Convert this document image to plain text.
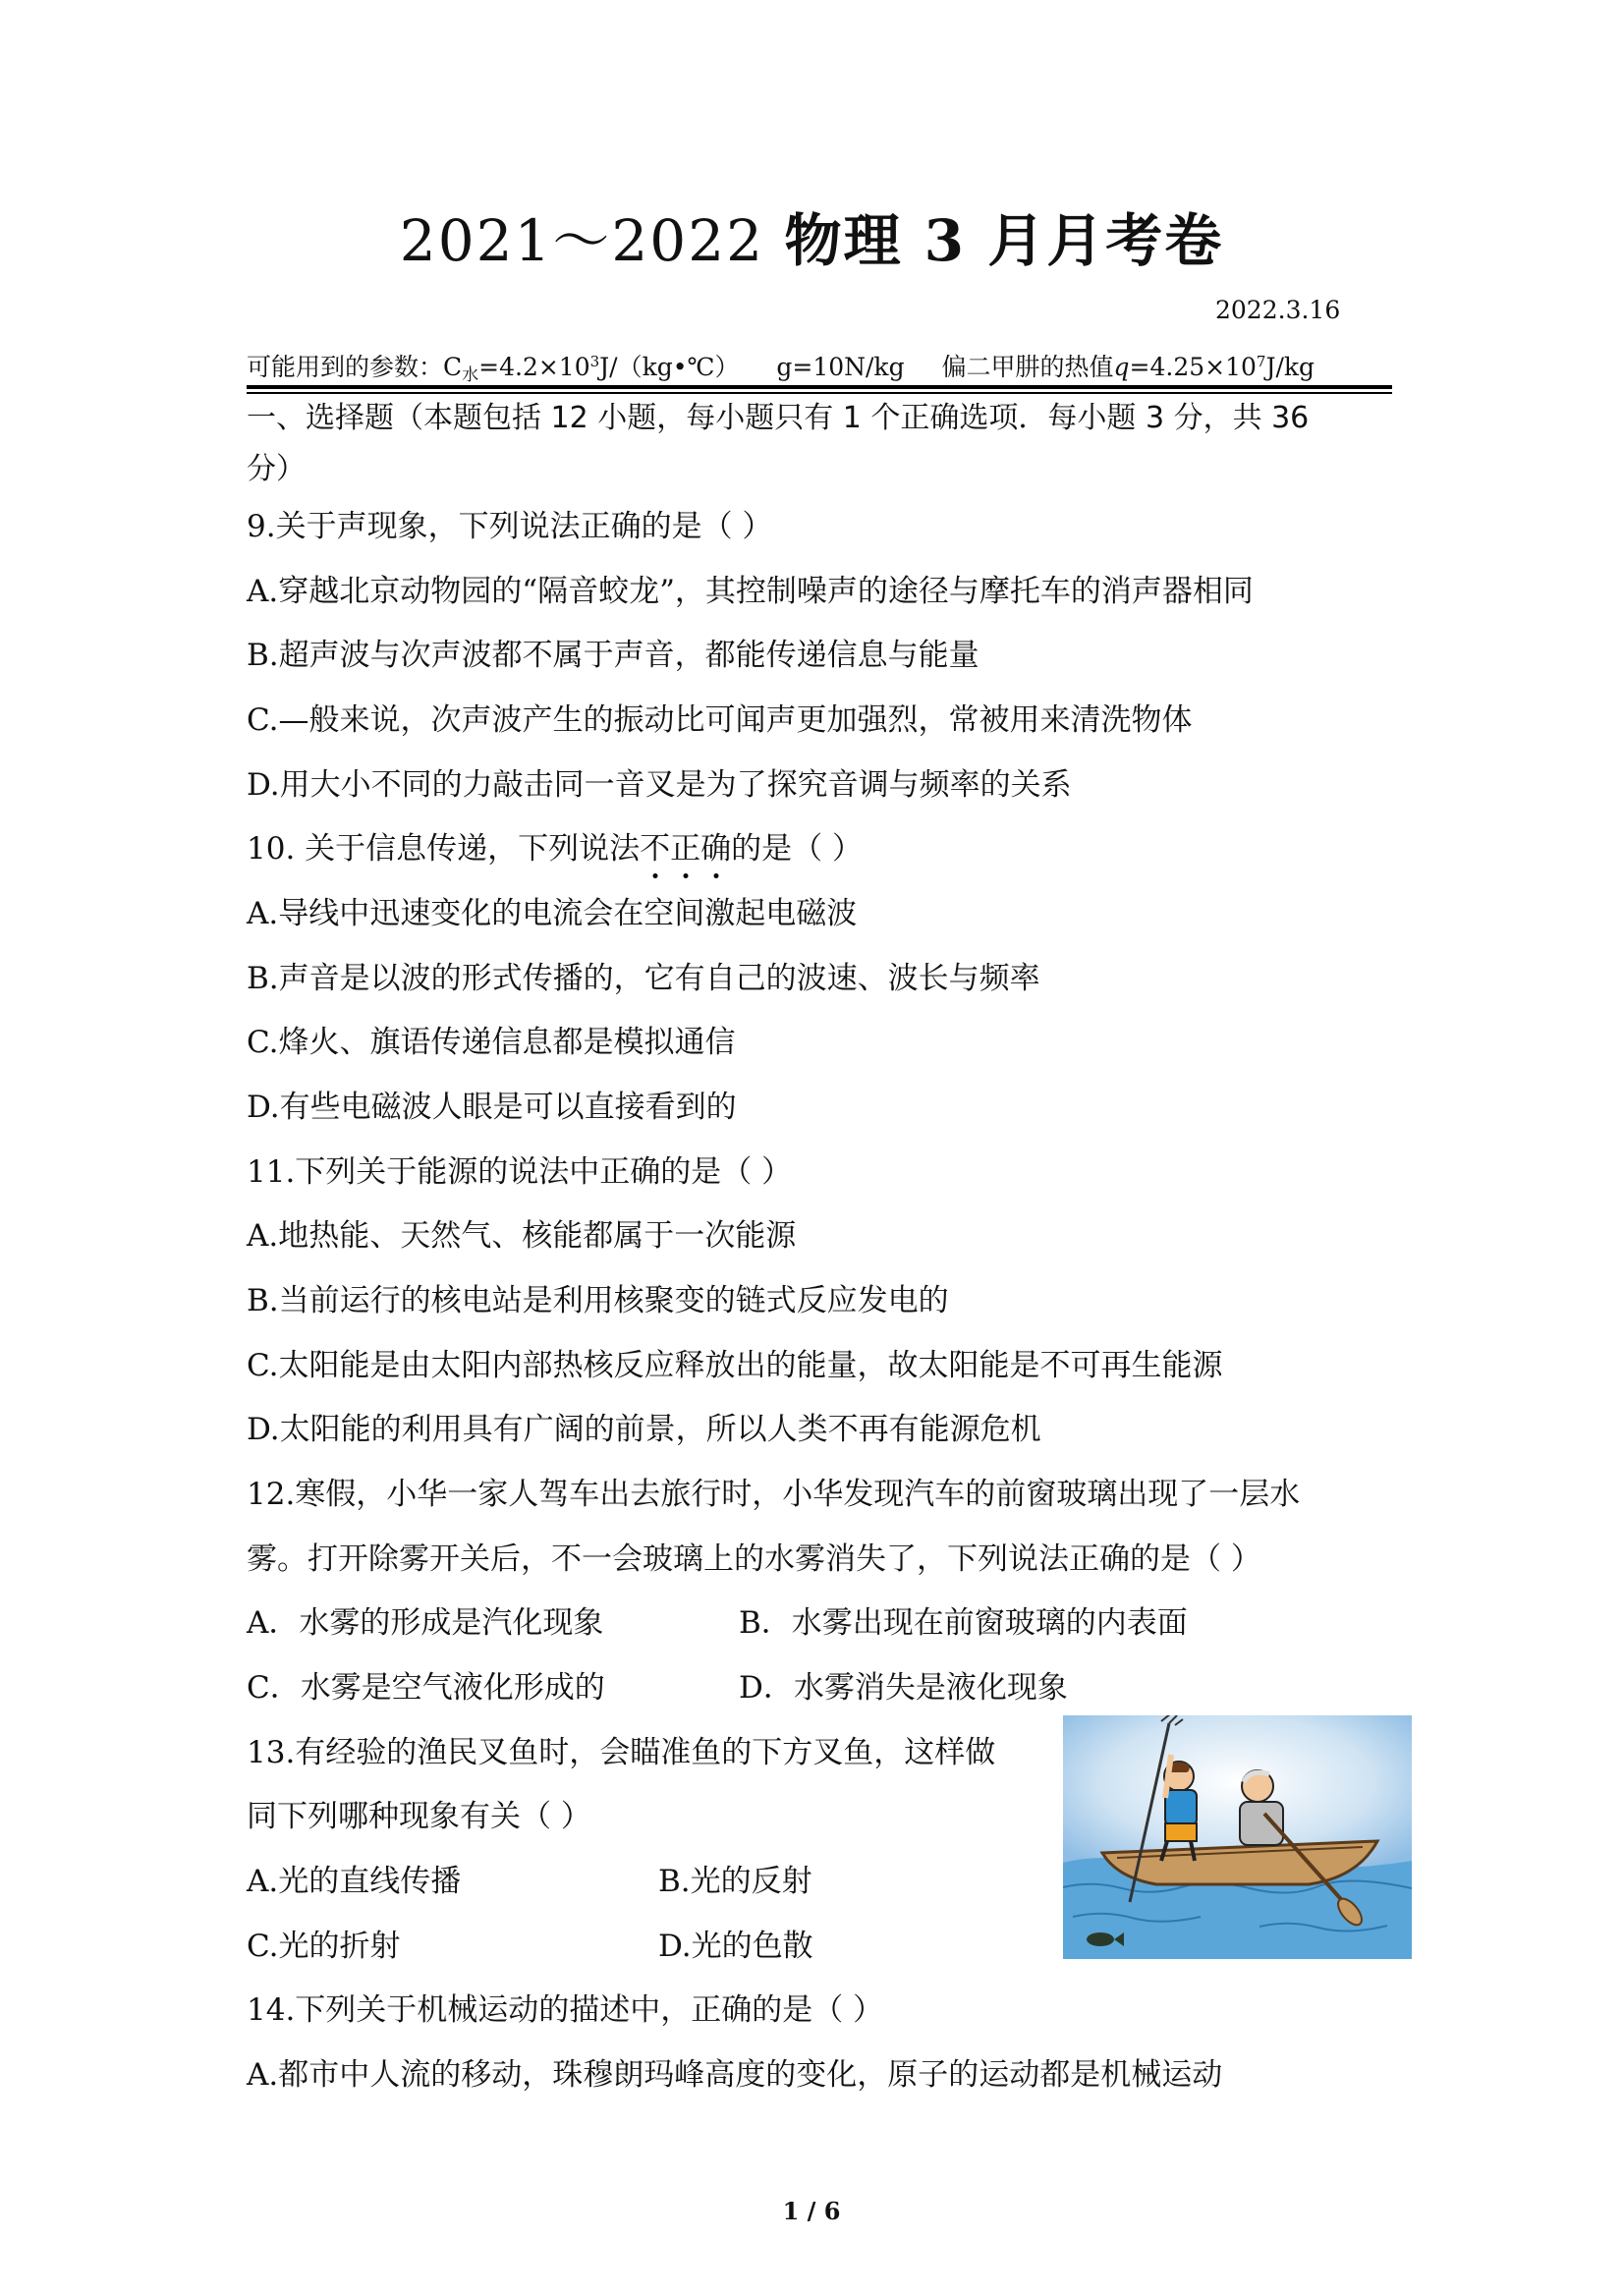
2021～2022 物理 3 月月考卷
2022.3.16
可能用到的参数：$C_水=4.2\times 10^3J/(kg•℃)$ g=10N/kg 偏二甲肼的热值$q=4.25\times 10^7J/kg$
一、选择题（本题包括 12 小题，每小题只有 1 个正确选项．每小题 3 分，共 36
分）
9.关于声现象，下列说法正确的是（ ）
A.穿越北京动物园的“隔音蛟龙”，其控制噪声的途径与摩托车的消声器相同
B.超声波与次声波都不属于声音，都能传递信息与能量
C.—般来说，次声波产生的振动比可闻声更加强烈，常被用来清洗物体
D.用大小不同的力敲击同一音叉是为了探究音调与频率的关系
10. 关于信息传递，下列说法不正确的是（ ）
A.导线中迅速变化的电流会在空间激起电磁波
B.声音是以波的形式传播的，它有自己的波速、波长与频率
C.烽火、旗语传递信息都是模拟通信
D.有些电磁波人眼是可以直接看到的
11.下列关于能源的说法中正确的是（ ）
A.地热能、天然气、核能都属于一次能源
B.当前运行的核电站是利用核聚变的链式反应发电的
C.太阳能是由太阳内部热核反应释放出的能量，故太阳能是不可再生能源
D.太阳能的利用具有广阔的前景，所以人类不再有能源危机
12.寒假，小华一家人驾车出去旅行时，小华发现汽车的前窗玻璃出现了一层水
雾。打开除雾开关后，不一会玻璃上的水雾消失了，下列说法正确的是（ ）
A．水雾的形成是汽化现象	B．水雾出现在前窗玻璃的内表面
C．水雾是空气液化形成的	D．水雾消失是液化现象
13.有经验的渔民叉鱼时，会瞄准鱼的下方叉鱼，这样做
同下列哪种现象有关（ ）
A.光的直线传播	B.光的反射
C.光的折射	D.光的色散
14.下列关于机械运动的描述中，正确的是（ ）
A.都市中人流的移动，珠穆朗玛峰高度的变化，原子的运动都是机械运动
1 / 6
